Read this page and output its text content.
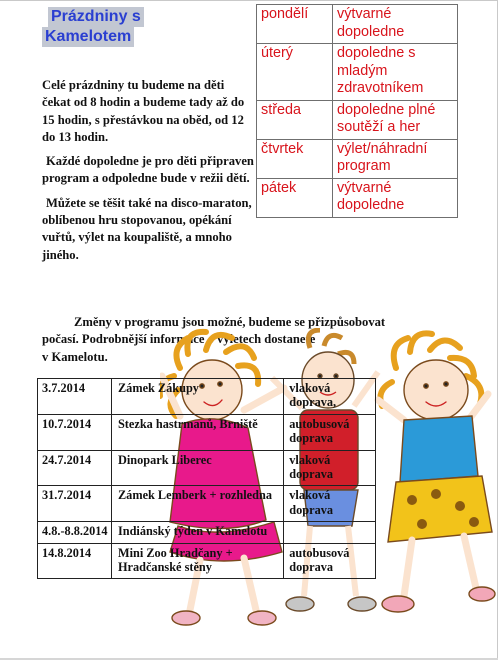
Prázdniny s
Kamelotem

Celé prázdniny tu budeme na děti čekat od 8 hodin a budeme tady až do 15 hodin, s přestávkou na oběd, od 12 do 13 hodin.

Každé dopoledne je pro děti připraven program a odpoledne bude v režii dětí.

Můžete se těšit také na disco-maraton, oblíbenou hru stopovanou, opékání vuřtů, výlet na koupaliště, a mnoho jiného.

pondělí	výtvarné dopoledne
úterý	dopoledne s mladým zdravotníkem
středa	dopoledne plné soutěží a her
čtvrtek	výlet/náhradní program
pátek	výtvarné dopoledne
Změny v programu jsou možné, budeme se přizpůsobovat
počasí. Podrobnější informace o výletech dostanete
v Kamelotu.
3.7.2014	Zámek Zákupy	vlaková doprava,
10.7.2014	Stezka hastrmanů, Brniště	autobusová doprava
24.7.2014	Dinopark Liberec	vlaková doprava
31.7.2014	Zámek Lemberk + rozhledna	vlaková doprava
4.8.-8.8.2014	Indiánský týden v Kamelotu	
14.8.2014	Mini Zoo Hradčany + Hradčanské stěny	autobusová doprava
